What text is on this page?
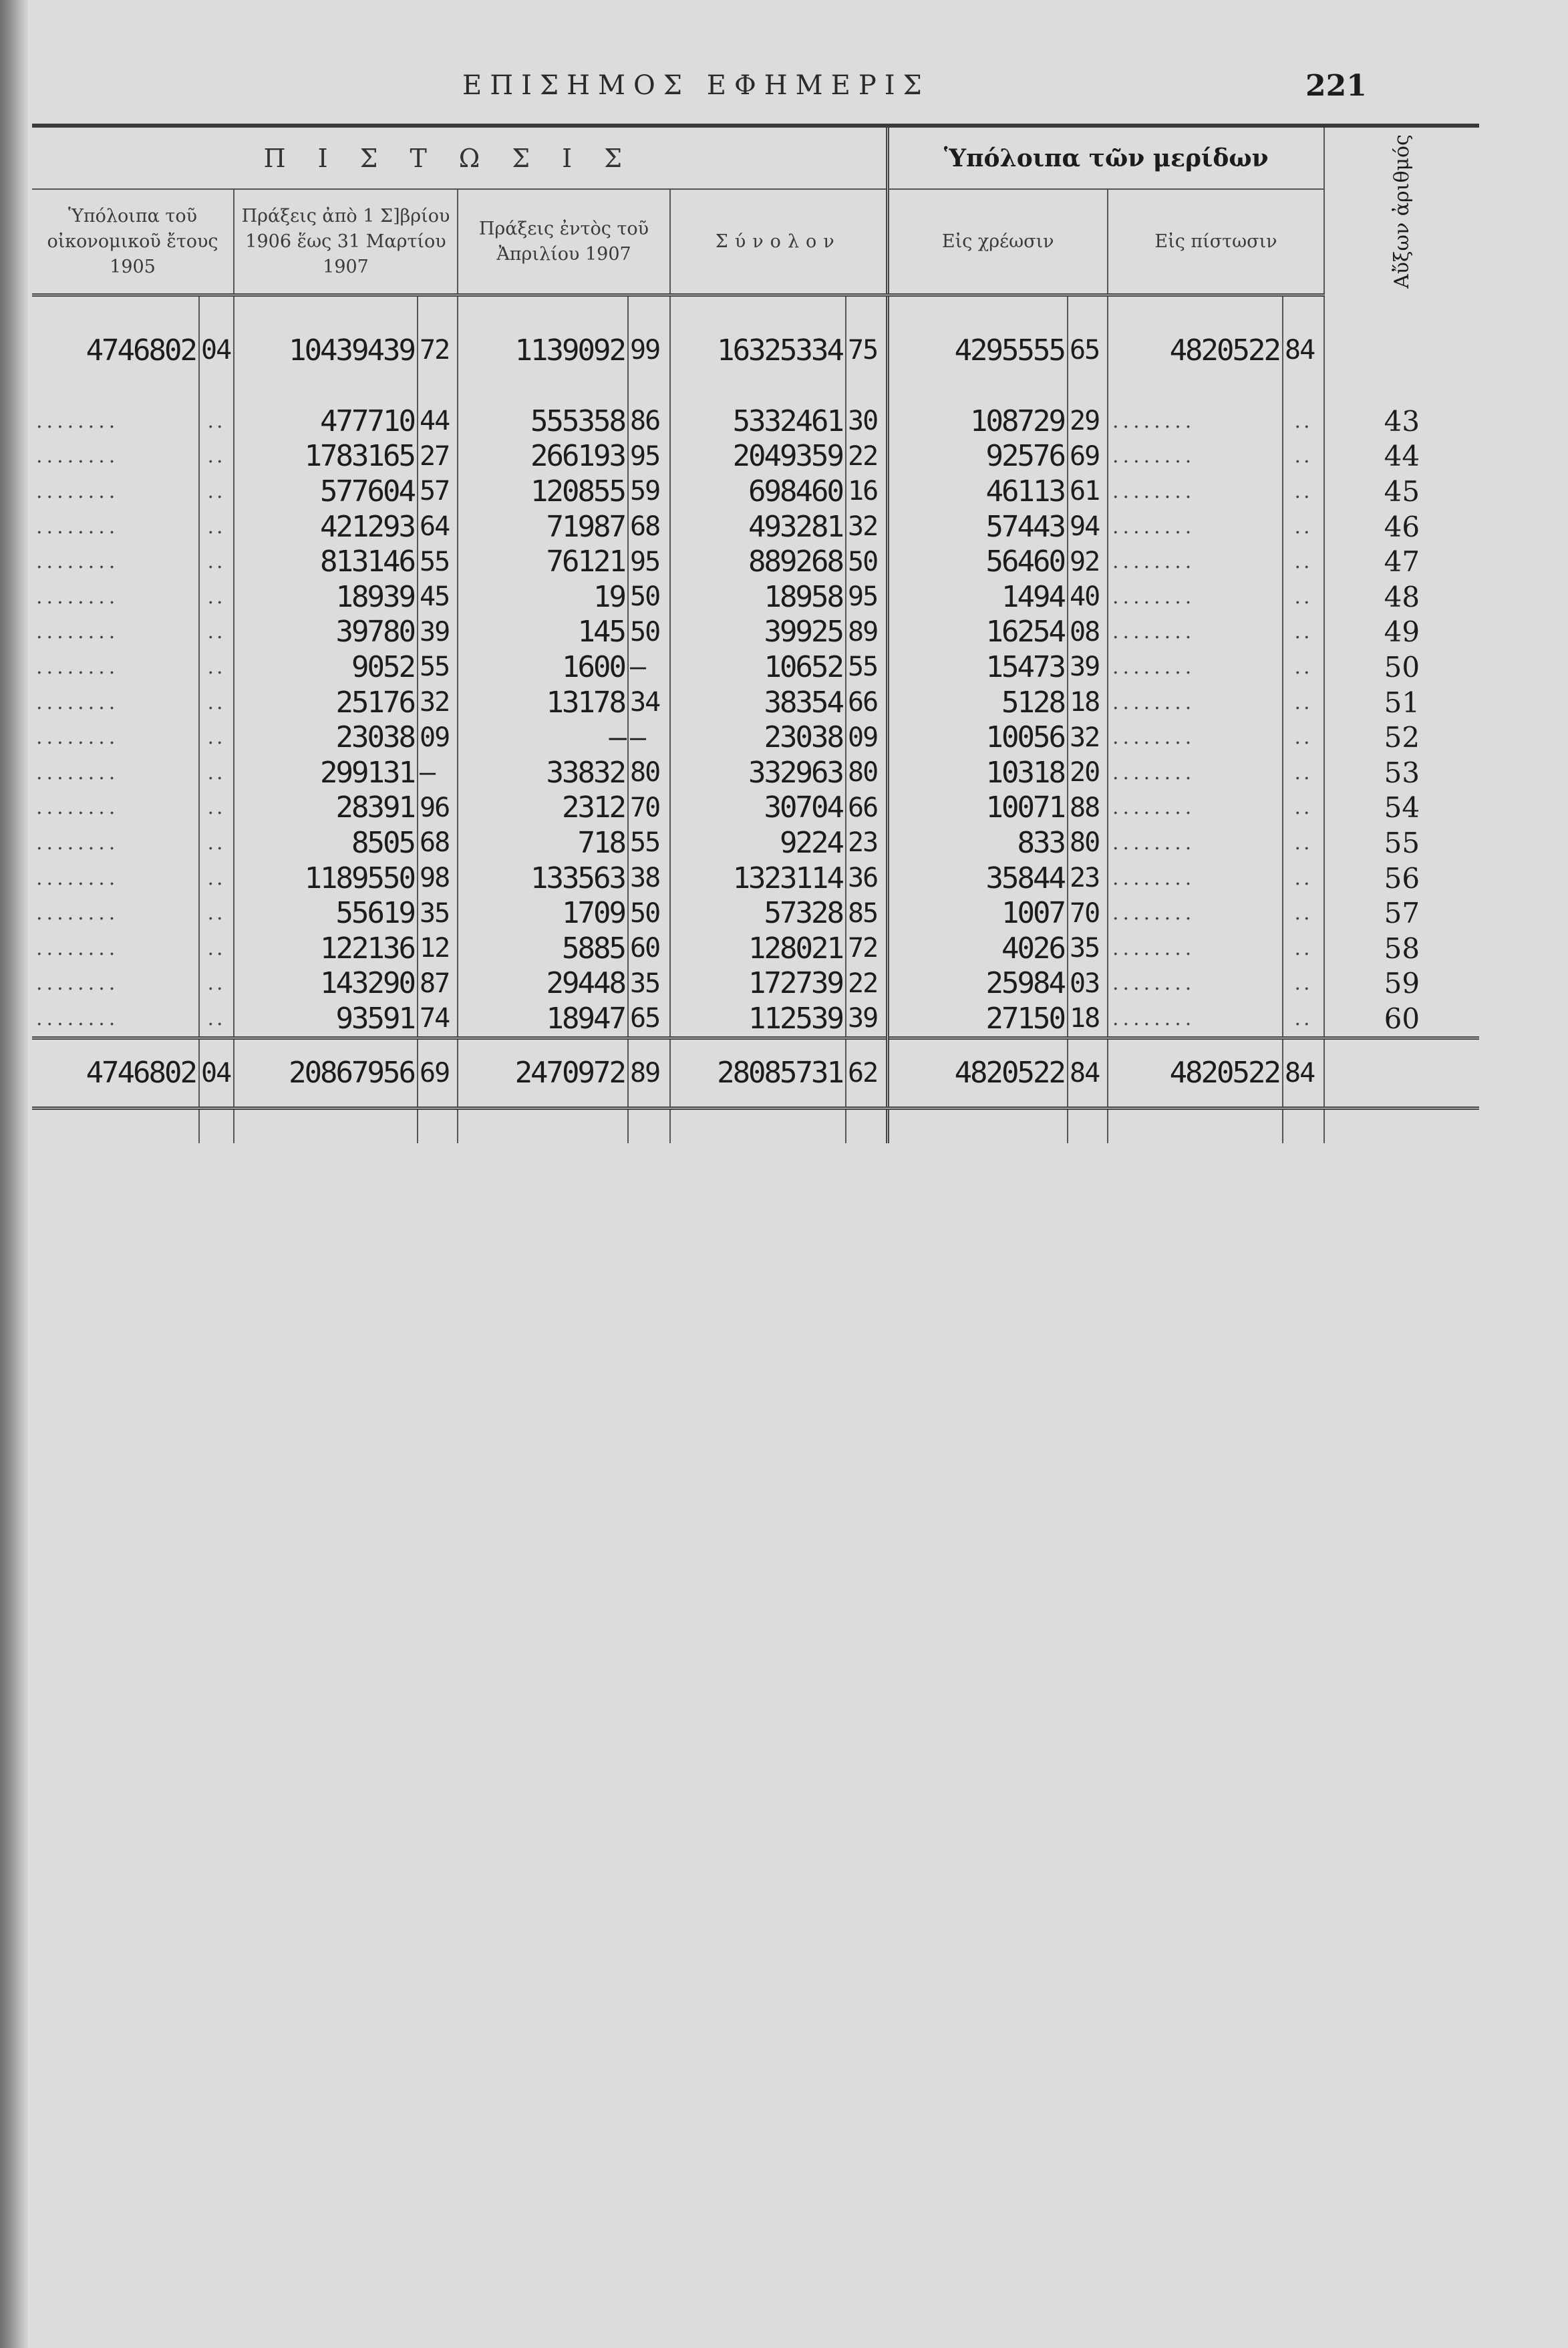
ΕΠΙΣΗΜΟΣ ΕΦΗΜΕΡΙΣ	221
ΠΙΣΤΩΣΙΣ								Ὑπόλοιπα τῶν μερίδων				Αὔξων ἀριθμός
Ὑπόλοιπα τοῦ οἰκονομικοῦ ἔτους 1905		Πράξεις ἀπὸ 1 Σ]βρίου 1906 ἕως 31 Μαρτίου 1907		Πράξεις ἐντὸς τοῦ Ἀπριλίου 1907		Σύνολον		Εἰς χρέωσιν		Εἰς πίστωσιν		
4746802	04	10439439	72	1139092	99	16325334	75	4295555	65	4820522	84	
........	..	477710	44	555358	86	5332461	30	108729	29	........	..	43
........	..	1783165	27	266193	95	2049359	22	92576	69	........	..	44
........	..	577604	57	120855	59	698460	16	46113	61	........	..	45
........	..	421293	64	71987	68	493281	32	57443	94	........	..	46
........	..	813146	55	76121	95	889268	50	56460	92	........	..	47
........	..	18939	45	19	50	18958	95	1494	40	........	..	48
........	..	39780	39	145	50	39925	89	16254	08	........	..	49
........	..	9052	55	1600	—	10652	55	15473	39	........	..	50
........	..	25176	32	13178	34	38354	66	5128	18	........	..	51
........	..	23038	09	—	—	23038	09	10056	32	........	..	52
........	..	299131	—	33832	80	332963	80	10318	20	........	..	53
........	..	28391	96	2312	70	30704	66	10071	88	........	..	54
........	..	8505	68	718	55	9224	23	833	80	........	..	55
........	..	1189550	98	133563	38	1323114	36	35844	23	........	..	56
........	..	55619	35	1709	50	57328	85	1007	70	........	..	57
........	..	122136	12	5885	60	128021	72	4026	35	........	..	58
........	..	143290	87	29448	35	172739	22	25984	03	........	..	59
........	..	93591	74	18947	65	112539	39	27150	18	........	..	60
4746802	04	20867956	69	2470972	89	28085731	62	4820522	84	4820522	84	
